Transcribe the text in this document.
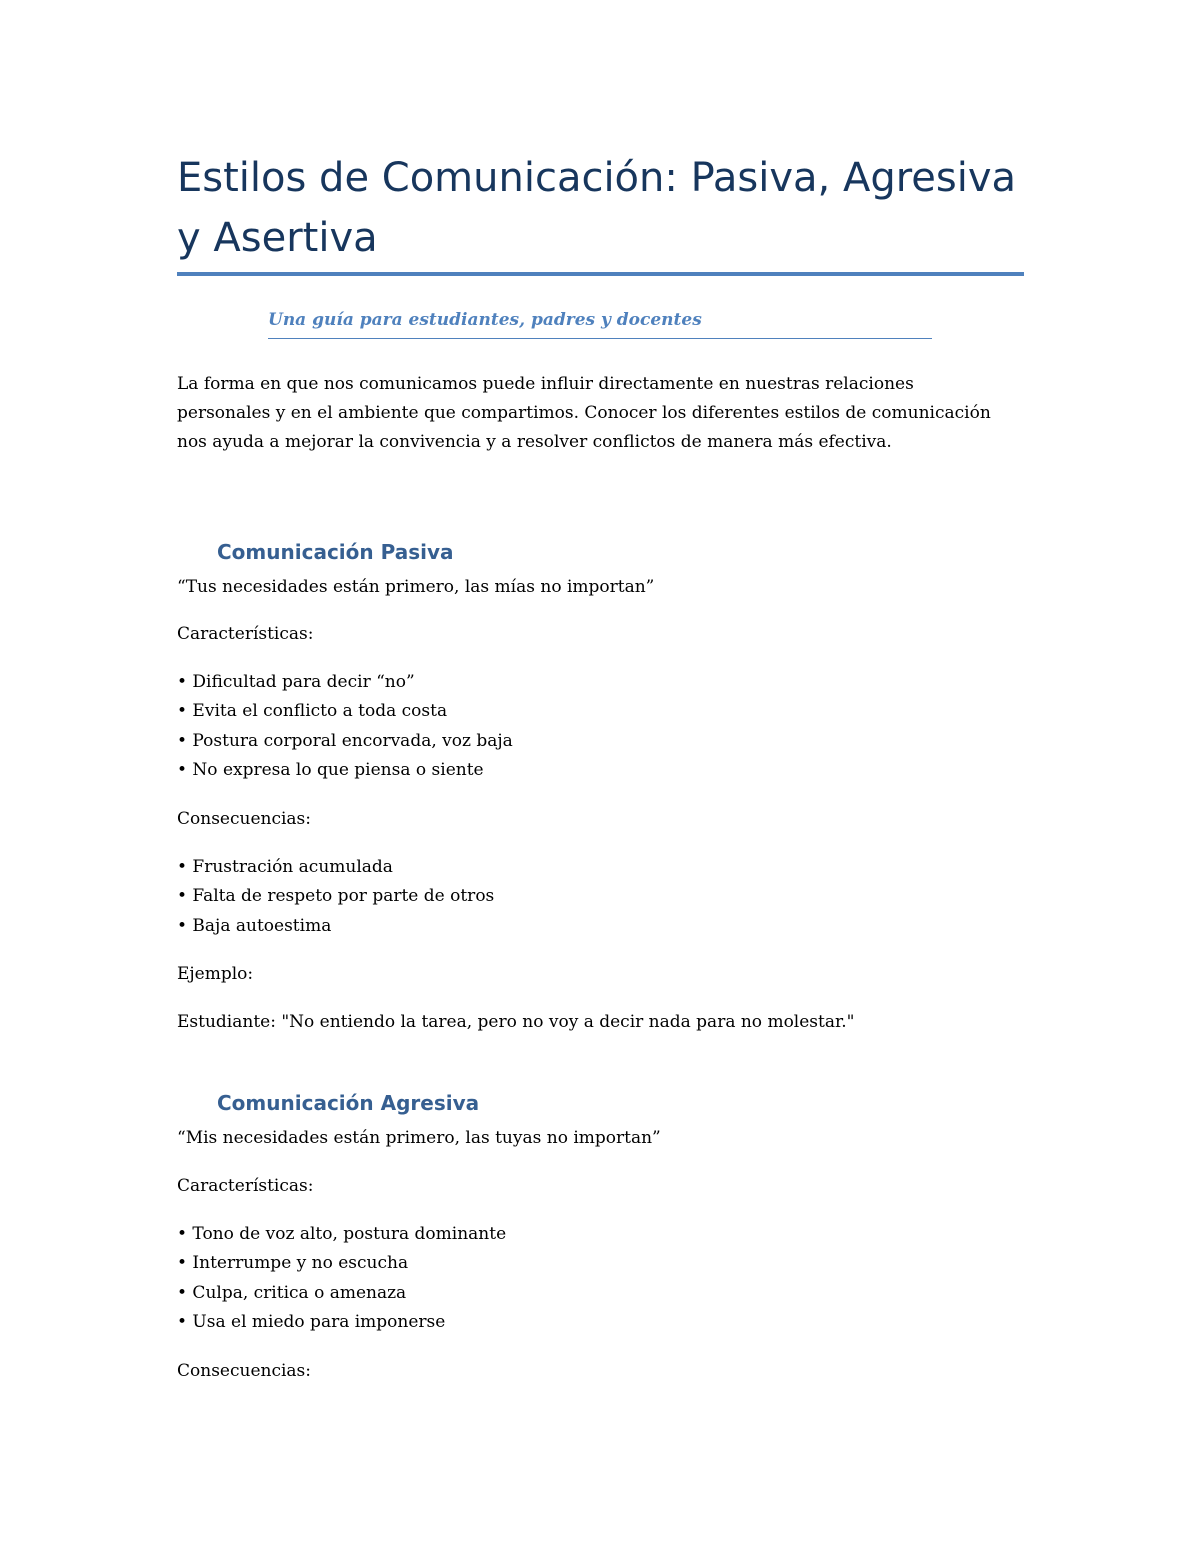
Estilos de Comunicación: Pasiva, Agresiva y Asertiva

Una guía para estudiantes, padres y docentes

La forma en que nos comunicamos puede influir directamente en nuestras relaciones personales y en el ambiente que compartimos. Conocer los diferentes estilos de comunicación nos ayuda a mejorar la convivencia y a resolver conflictos de manera más efectiva.

Comunicación Pasiva

“Tus necesidades están primero, las mías no importan”

Características:

• Dificultad para decir “no”
• Evita el conflicto a toda costa
• Postura corporal encorvada, voz baja
• No expresa lo que piensa o siente

Consecuencias:

• Frustración acumulada
• Falta de respeto por parte de otros
• Baja autoestima

Ejemplo:

Estudiante: "No entiendo la tarea, pero no voy a decir nada para no molestar."

Comunicación Agresiva

“Mis necesidades están primero, las tuyas no importan”

Características:

• Tono de voz alto, postura dominante
• Interrumpe y no escucha
• Culpa, critica o amenaza
• Usa el miedo para imponerse

Consecuencias:
